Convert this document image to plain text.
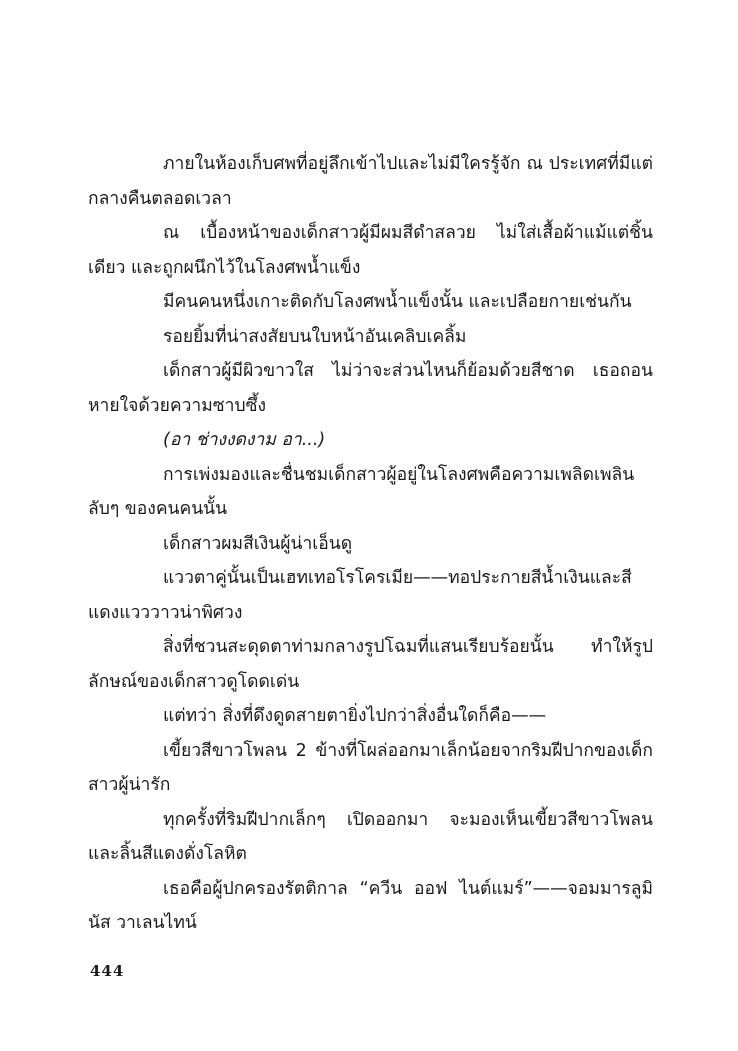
ภายในห้องเก็บศพที่อยู่ลึกเข้าไปและไม่มีใครรู้จัก ณ ประเทศที่มีแต่กลางคืนตลอดเวลา

ณ เบื้องหน้าของเด็กสาวผู้มีผมสีดำสลวย ไม่ใส่เสื้อผ้าแม้แต่ชิ้นเดียว และถูกผนึกไว้ในโลงศพน้ำแข็ง

มีคนคนหนึ่งเกาะติดกับโลงศพน้ำแข็งนั้น และเปลือยกายเช่นกัน

รอยยิ้มที่น่าสงสัยบนใบหน้าอันเคลิบเคลิ้ม

เด็กสาวผู้มีผิวขาวใส ไม่ว่าจะส่วนไหนก็ย้อมด้วยสีชาด เธอถอนหายใจด้วยความซาบซึ้ง

(อา ช่างงดงาม อา...)

การเพ่งมองและชื่นชมเด็กสาวผู้อยู่ในโลงศพคือความเพลิดเพลินลับๆ ของคนคนนั้น

เด็กสาวผมสีเงินผู้น่าเอ็นดู

แววตาคู่นั้นเป็นเฮทเทอโรโครเมีย——ทอประกายสีน้ำเงินและสีแดงแวววาวน่าพิศวง

สิ่งที่ชวนสะดุดตาท่ามกลางรูปโฉมที่แสนเรียบร้อยนั้น ทำให้รูปลักษณ์ของเด็กสาวดูโดดเด่น

แต่ทว่า สิ่งที่ดึงดูดสายตายิ่งไปกว่าสิ่งอื่นใดก็คือ——

เขี้ยวสีขาวโพลน 2 ข้างที่โผล่ออกมาเล็กน้อยจากริมฝีปากของเด็กสาวผู้น่ารัก

ทุกครั้งที่ริมฝีปากเล็กๆ เปิดออกมา จะมองเห็นเขี้ยวสีขาวโพลนและลิ้นสีแดงดั่งโลหิต

เธอคือผู้ปกครองรัตติกาล “ควีน ออฟ ไนต์แมร์”——จอมมารลูมินัส วาเลนไทน์

444
